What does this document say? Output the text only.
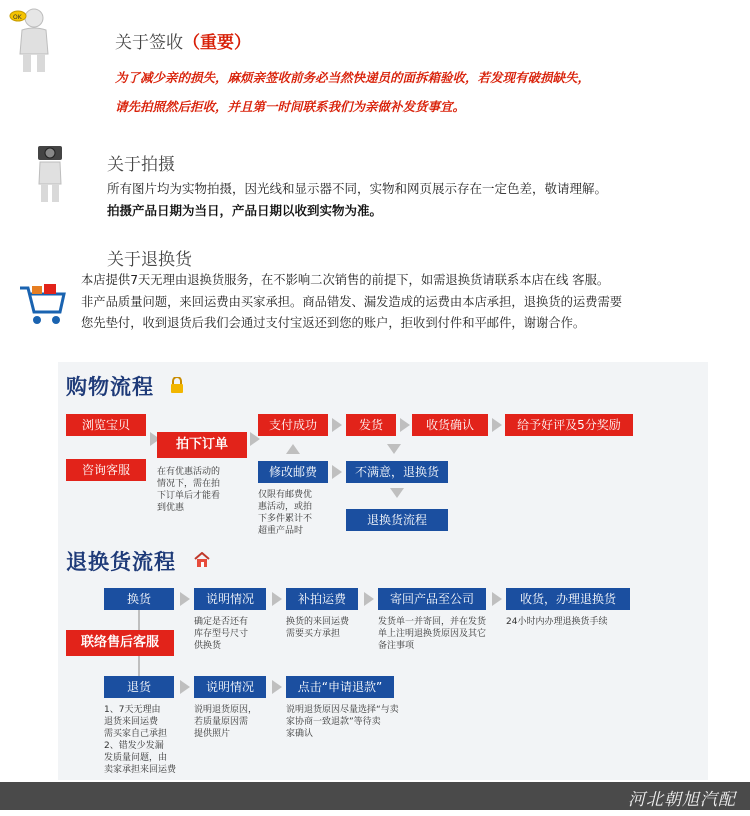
OK
关于签收（重要）
为了减少亲的损失，麻烦亲签收前务必当然快递员的面拆箱验收，若发现有破损缺失，
请先拍照然后拒收，并且第一时间联系我们为亲做补发货事宜。
关于拍摄
所有图片均为实物拍摄，因光线和显示器不同，实物和网页展示存在一定色差，敬请理解。
拍摄产品日期为当日，产品日期以收到实物为准。
关于退换货
本店提供7天无理由退换货服务，在不影响二次销售的前提下，如需退换货请联系本店在线 客服。
非产品质量问题，来回运费由买家承担。商品错发、漏发造成的运费由本店承担，退换货的运费需要
您先垫付，收到退货后我们会通过支付宝返还到您的账户，拒收到付件和平邮件，谢谢合作。
购物流程
浏览宝贝
咨询客服
拍下订单
在有优惠活动的
情况下，需在拍
下订单后才能看
到优惠
支付成功
修改邮费
仅限有邮费优
惠活动，或拍
下多件累计不
超重产品时
发货	收货确认	给予好评及5分奖励
不满意，退换货
退换货流程
退换货流程
换货	说明情况
确定是否还有
库存型号尺寸
供换货
补拍运费
换货的来回运费
需要买方承担
寄回产品至公司
发货单一并寄回，并在发货
单上注明退换货原因及其它
备注事项
收货，办理退换货
24小时内办理退换货手续
联络售后客服
退货
1、7天无理由
退货来回运费
需买家自己承担
2、错发少发漏
发质量问题，由
卖家承担来回运费
说明情况
说明退货原因，
若质量原因需
提供照片
点击“申请退款”
说明退货原因尽量选择“与卖
家协商一致退款”等待卖
家确认
河北朝旭汽配
